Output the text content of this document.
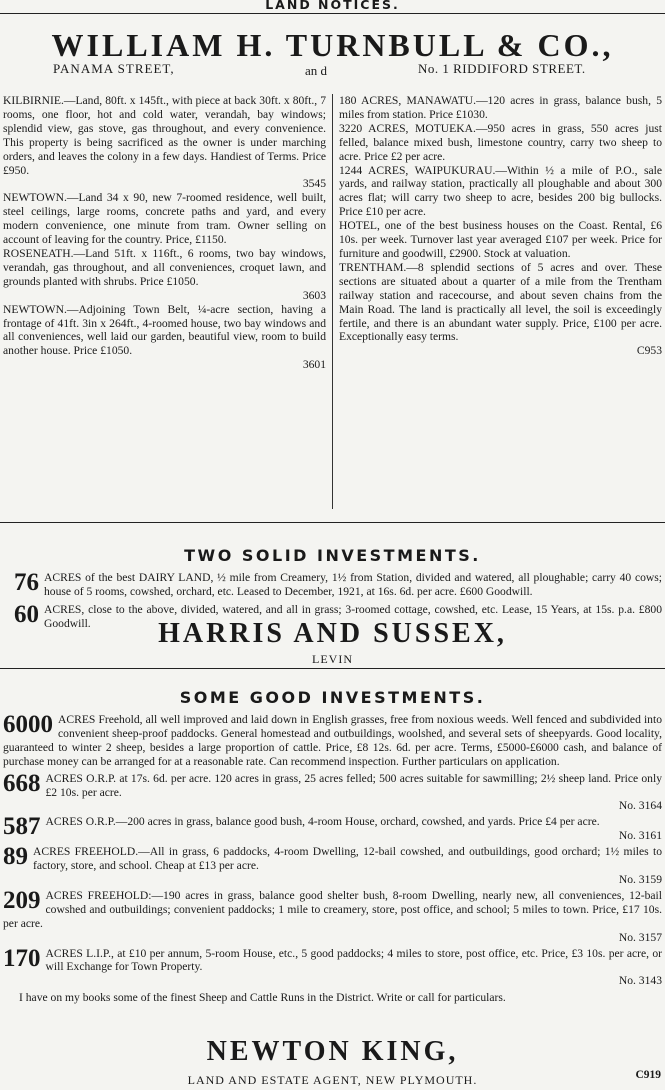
LAND NOTICES.
WILLIAM H. TURNBULL & CO.,
PANAMA STREET,	an d	No. 1 RIDDIFORD STREET.

KILBIRNIE.—Land, 80ft. x 145ft., with piece at back 30ft. x 80ft., 7 rooms, one floor, hot and cold water, verandah, bay windows; splendid view, gas stove, gas throughout, and every convenience. This property is being sacrificed as the owner is under marching orders, and leaves the colony in a few days. Handiest of Terms. Price £950.

3545

NEWTOWN.—Land 34 x 90, new 7-roomed residence, well built, steel ceilings, large rooms, concrete paths and yard, and every modern convenience, one minute from tram. Owner selling on account of leaving for the country. Price, £1150.

ROSENEATH.—Land 51ft. x 116ft., 6 rooms, two bay windows, verandah, gas throughout, and all conveniences, croquet lawn, and grounds planted with shrubs. Price £1050.

3603

NEWTOWN.—Adjoining Town Belt, ¼-acre section, having a frontage of 41ft. 3in x 264ft., 4-roomed house, two bay windows and all conveniences, well laid our garden, beautiful view, room to build another house. Price £1050.

3601

180 ACRES, MANAWATU.—120 acres in grass, balance bush, 5 miles from station. Price £1030.

3220 ACRES, MOTUEKA.—950 acres in grass, 550 acres just felled, balance mixed bush, limestone country, carry two sheep to acre. Price £2 per acre.

1244 ACRES, WAIPUKURAU.—Within ½ a mile of P.O., sale yards, and railway station, practically all ploughable and about 300 acres flat; will carry two sheep to acre, besides 200 big bullocks. Price £10 per acre.

HOTEL, one of the best business houses on the Coast. Rental, £6 10s. per week. Turnover last year averaged £107 per week. Price for furniture and goodwill, £2900. Stock at valuation.

TRENTHAM.—8 splendid sections of 5 acres and over. These sections are situated about a quarter of a mile from the Trentham railway station and racecourse, and about seven chains from the Main Road. The land is practically all level, the soil is exceedingly fertile, and there is an abundant water supply. Price, £100 per acre. Exceptionally easy terms.

C953

TWO SOLID INVESTMENTS.
76 ACRES of the best DAIRY LAND, ½ mile from Creamery, 1½ from Station, divided and watered, all ploughable; carry 40 cows; house of 5 rooms, cowshed, orchard, etc. Leased to December, 1921, at 16s. 6d. per acre. £600 Goodwill.
60 ACRES, close to the above, divided, watered, and all in grass; 3-roomed cottage, cowshed, etc. Lease, 15 Years, at 15s. p.a. £800 Goodwill.	HARRIS AND SUSSEX,
LEVIN
SOME GOOD INVESTMENTS.
6000 ACRES Freehold, all well improved and laid down in English grasses, free from noxious weeds. Well fenced and subdivided into convenient sheep-proof paddocks. General homestead and outbuildings, woolshed, and several sets of sheepyards. Good locality, guaranteed to winter 2 sheep, besides a large proportion of cattle. Price, £8 12s. 6d. per acre. Terms, £5000-£6000 cash, and balance of purchase money can be arranged for at a reasonable rate. Can recommend inspection. Further particulars on application.
668 ACRES O.R.P. at 17s. 6d. per acre. 120 acres in grass, 25 acres felled; 500 acres suitable for sawmilling; 2½ sheep land. Price only £2 10s. per acre.

No. 3164

587 ACRES O.R.P.—200 acres in grass, balance good bush, 4-room House, orchard, cowshed, and yards. Price £4 per acre.

No. 3161

89 ACRES FREEHOLD.—All in grass, 6 paddocks, 4-room Dwelling, 12-bail cowshed, and outbuildings, good orchard; 1½ miles to factory, store, and school. Cheap at £13 per acre.

No. 3159

209 ACRES FREEHOLD:—190 acres in grass, balance good shelter bush, 8-room Dwelling, nearly new, all conveniences, 12-bail cowshed and outbuildings; convenient paddocks; 1 mile to creamery, store, post office, and school; 5 miles to town. Price, £17 10s. per acre.

No. 3157

170 ACRES L.I.P., at £10 per annum, 5-room House, etc., 5 good paddocks; 4 miles to store, post office, etc. Price, £3 10s. per acre, or will Exchange for Town Property.

No. 3143

I have on my books some of the finest Sheep and Cattle Runs in the District. Write or call for particulars.

NEWTON KING,
LAND AND ESTATE AGENT, NEW PLYMOUTH.	C919
